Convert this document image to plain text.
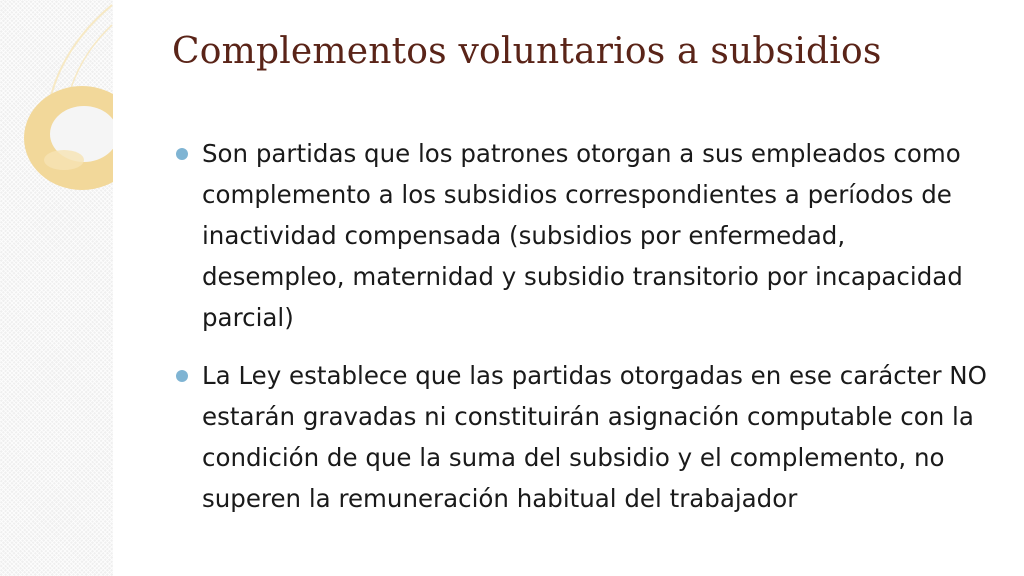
Complementos voluntarios a subsidios
Son partidas que los patrones otorgan a sus empleados como complemento a los subsidios correspondientes a períodos de inactividad compensada (subsidios por enfermedad, desempleo, maternidad y subsidio transitorio por incapacidad parcial)
La Ley establece que las partidas otorgadas en ese carácter NO estarán gravadas ni constituirán asignación computable con la condición de que la suma del subsidio y el complemento, no superen la remuneración habitual del trabajador
